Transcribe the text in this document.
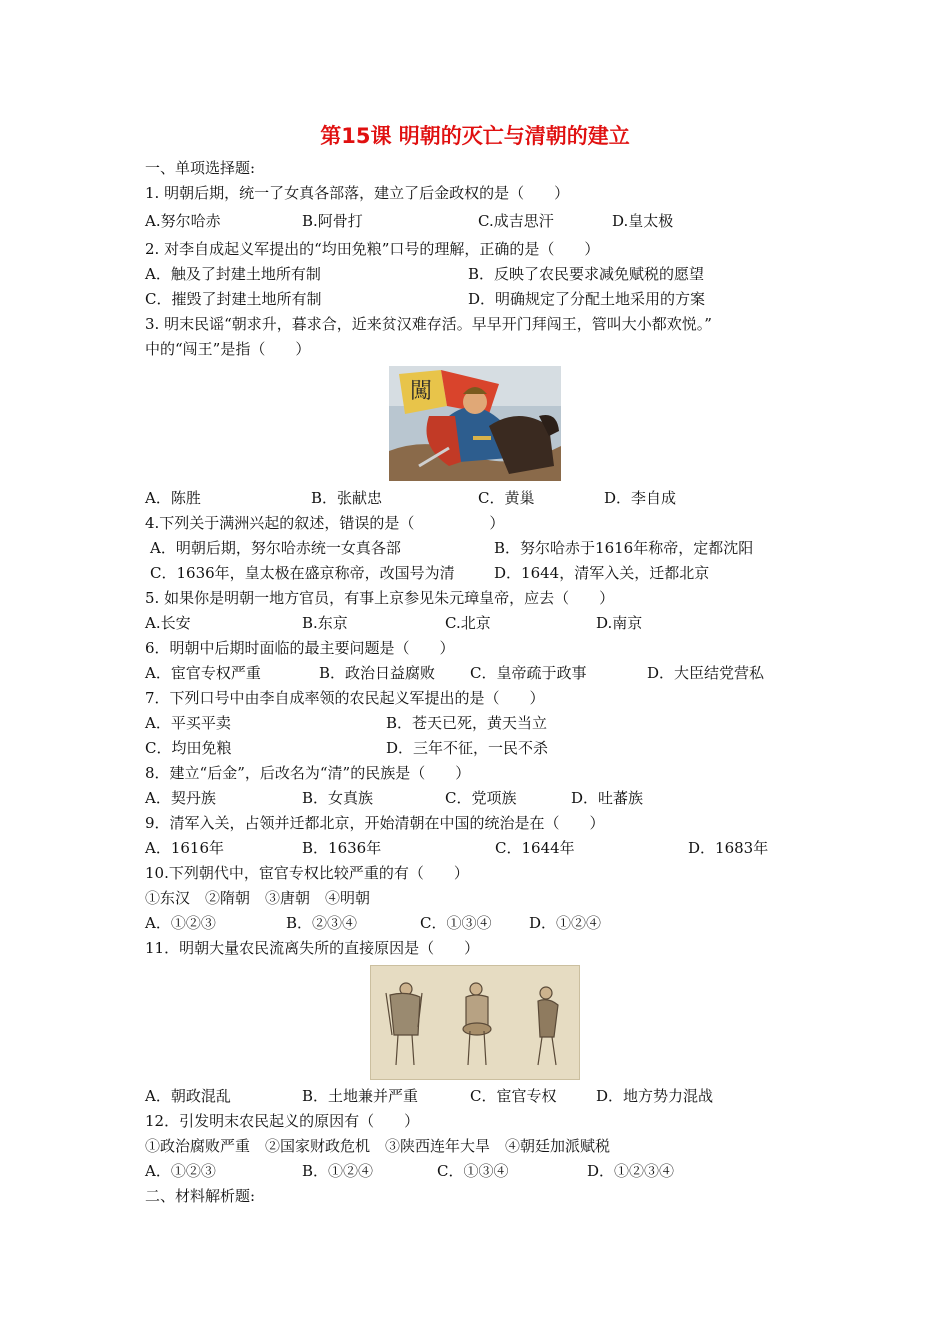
第15课 明朝的灭亡与清朝的建立
一、单项选择题:
1. 明朝后期，统一了女真各部落，建立了后金政权的是（　　）
A.努尔哈赤	B.阿骨打	C.成吉思汗	D.皇太极
2. 对李自成起义军提出的“均田免粮”口号的理解，正确的是（　　）
A．触及了封建土地所有制	B．反映了农民要求减免赋税的愿望
C．摧毁了封建土地所有制	D．明确规定了分配土地采用的方案
3. 明末民谣“朝求升，暮求合，近来贫汉难存活。早早开门拜闯王，管叫大小都欢悦。”
中的“闯王”是指（　　）
闖
A．陈胜	B．张献忠	C．黄巢	D．李自成
4.下列关于满洲兴起的叙述，错误的是（　　　　　）
A．明朝后期，努尔哈赤统一女真各部	B．努尔哈赤于1616年称帝，定都沈阳
C．1636年，皇太极在盛京称帝，改国号为清	D．1644，清军入关，迁都北京
5. 如果你是明朝一地方官员，有事上京参见朱元璋皇帝，应去（　　）
A.长安	B.东京	C.北京	D.南京
6．明朝中后期时面临的最主要问题是（　　）
A．宦官专权严重	B．政治日益腐败 C．皇帝疏于政事	D．大臣结党营私
7．下列口号中由李自成率领的农民起义军提出的是（　　）
A．平买平卖	B．苍天已死，黄天当立
C．均田免粮	D．三年不征，一民不杀
8．建立“后金”，后改名为“清”的民族是（　　）
A．契丹族	B．女真族	C．党项族	D．吐蕃族
9．清军入关，占领并迁都北京，开始清朝在中国的统治是在（　　）
A．1616年	B．1636年	C．1644年	D．1683年
10.下列朝代中，宦官专权比较严重的有（　　）
①东汉　②隋朝　③唐朝　④明朝
A．①②③	B．②③④	C．①③④	D．①②④
11．明朝大量农民流离失所的直接原因是（　　）
A．朝政混乱	B．土地兼并严重	C．宦官专权	D．地方势力混战
12．引发明末农民起义的原因有（　　）
①政治腐败严重　②国家财政危机　③陕西连年大旱　④朝廷加派赋税
A．①②③	B．①②④	C．①③④	D．①②③④
二、材料解析题:
